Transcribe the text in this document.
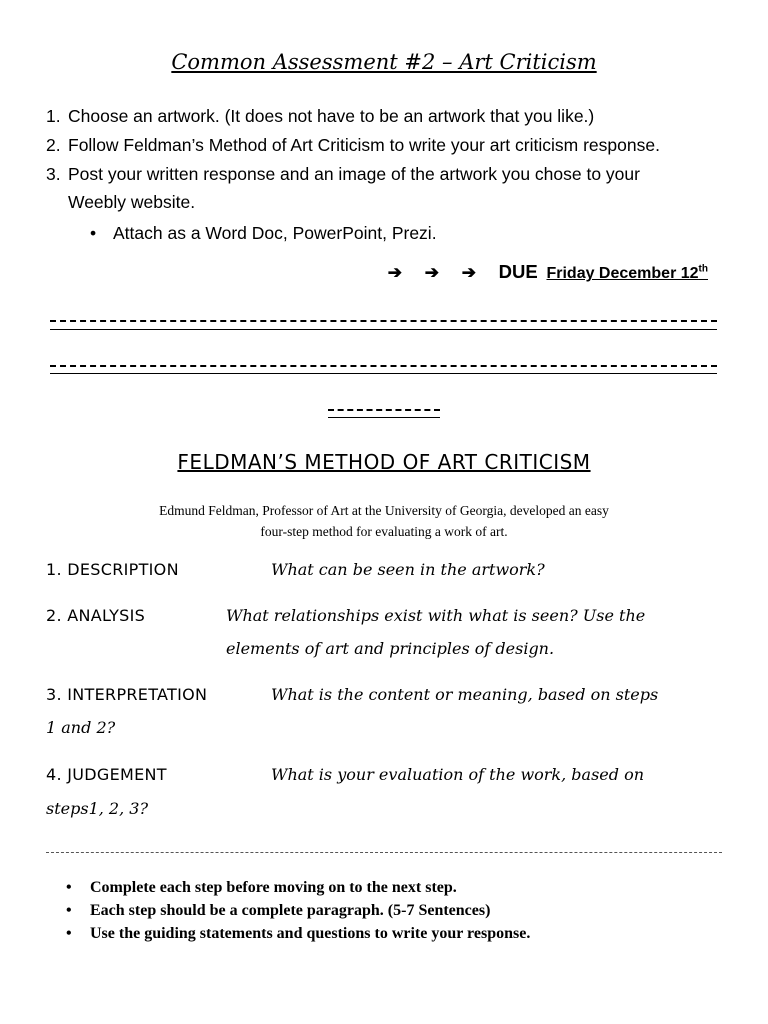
Common Assessment #2 – Art Criticism
1. Choose an artwork. (It does not have to be an artwork that you like.)
2. Follow Feldman’s Method of Art Criticism to write your art criticism response.
3. Post your written response and an image of the artwork you chose to your
Weebly website.
• Attach as a Word Doc, PowerPoint, Prezi.
➔ ➔ ➔ DUE Friday December 12th
FELDMAN’S METHOD OF ART CRITICISM
Edmund Feldman, Professor of Art at the University of Georgia, developed an easy
four-step method for evaluating a work of art.
1. DESCRIPTION	What can be seen in the artwork?
2. ANALYSIS	What relationships exist with what is seen? Use the
elements of art and principles of design.
3. INTERPRETATION	What is the content or meaning, based on steps
1 and 2?
4. JUDGEMENT	What is your evaluation of the work, based on
steps1, 2, 3?
• Complete each step before moving on to the next step.
• Each step should be a complete paragraph. (5-7 Sentences)
• Use the guiding statements and questions to write your response.
